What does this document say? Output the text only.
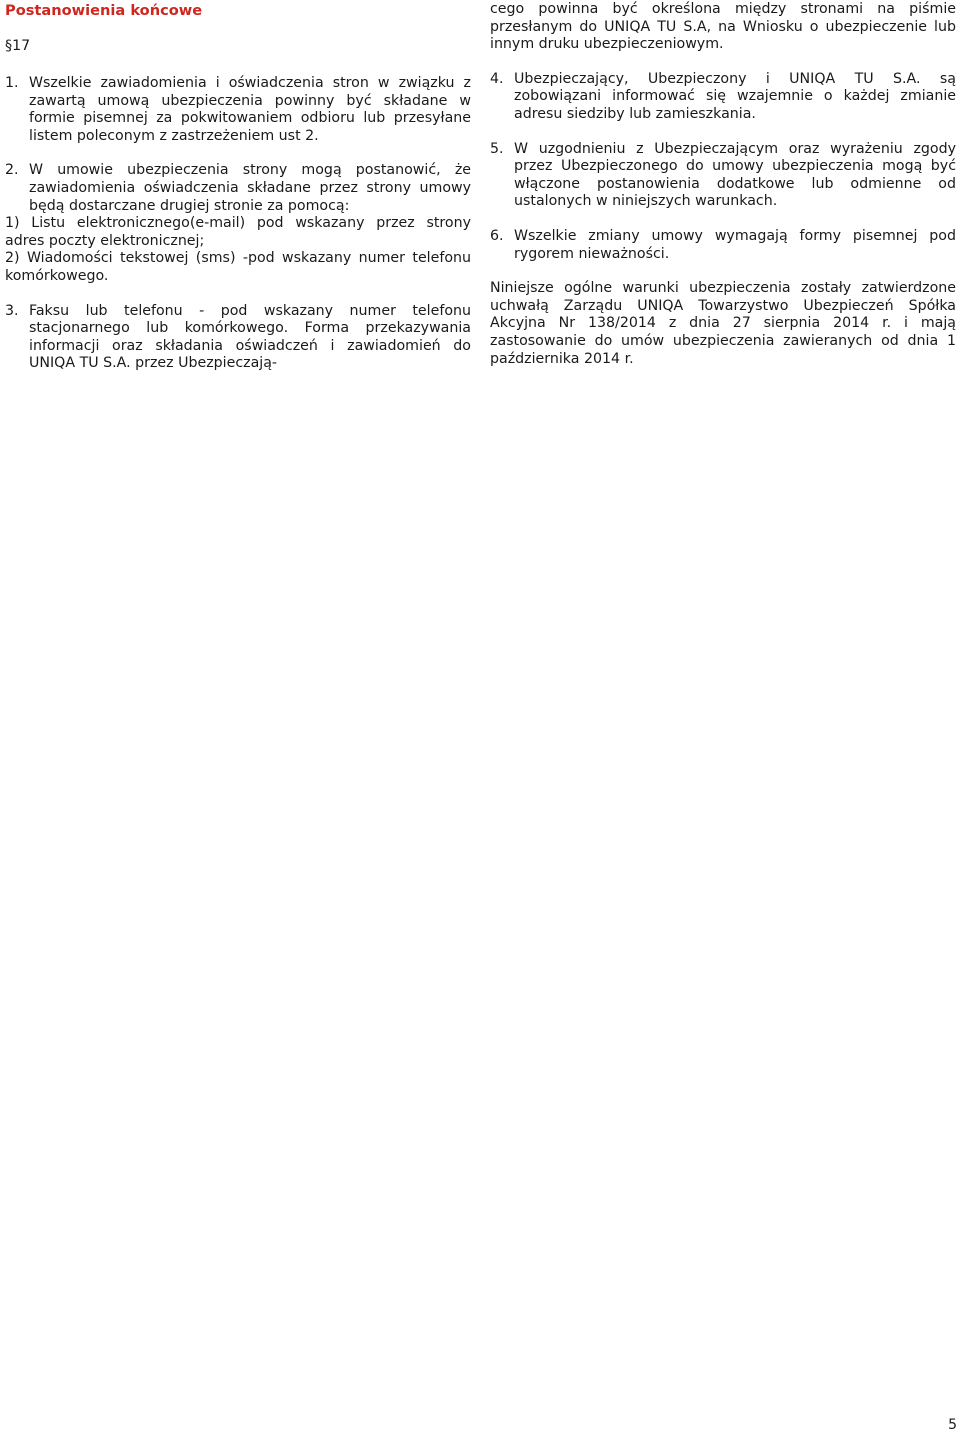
Postanowienia końcowe
§17
1. Wszelkie zawiadomienia i oświadczenia stron w związku z zawartą umową ubezpieczenia powinny być składane w formie pisemnej za pokwitowaniem odbioru lub przesyłane listem poleconym z zastrzeżeniem ust 2.
2. W umowie ubezpieczenia strony mogą postanowić, że zawiadomienia oświadczenia składane przez strony umowy będą dostarczane drugiej stronie za pomocą:
1) Listu elektronicznego(e-mail) pod wskazany przez strony adres poczty elektronicznej;
2) Wiadomości tekstowej (sms) -pod wskazany numer telefonu komórkowego.
3. Faksu lub telefonu - pod wskazany numer telefonu stacjonarnego lub komórkowego. Forma przekazywania informacji oraz składania oświadczeń i zawiadomień do UNIQA TU S.A. przez Ubezpieczają-
cego powinna być określona między stronami na piśmie przesłanym do UNIQA TU S.A, na Wniosku o ubezpieczenie lub innym druku ubezpieczeniowym.
4. Ubezpieczający, Ubezpieczony i UNIQA TU S.A. są zobowiązani informować się wzajemnie o każdej zmianie adresu siedziby lub zamieszkania.
5. W uzgodnieniu z Ubezpieczającym oraz wyrażeniu zgody przez Ubezpieczonego do umowy ubezpieczenia mogą być włączone postanowienia dodatkowe lub odmienne od ustalonych w niniejszych warunkach.
6. Wszelkie zmiany umowy wymagają formy pisemnej pod rygorem nieważności.
Niniejsze ogólne warunki ubezpieczenia zostały zatwierdzone uchwałą Zarządu UNIQA Towarzystwo Ubezpieczeń Spółka Akcyjna Nr 138/2014 z dnia 27 sierpnia 2014 r. i mają zastosowanie do umów ubezpieczenia zawieranych od dnia 1 października 2014 r.
5
